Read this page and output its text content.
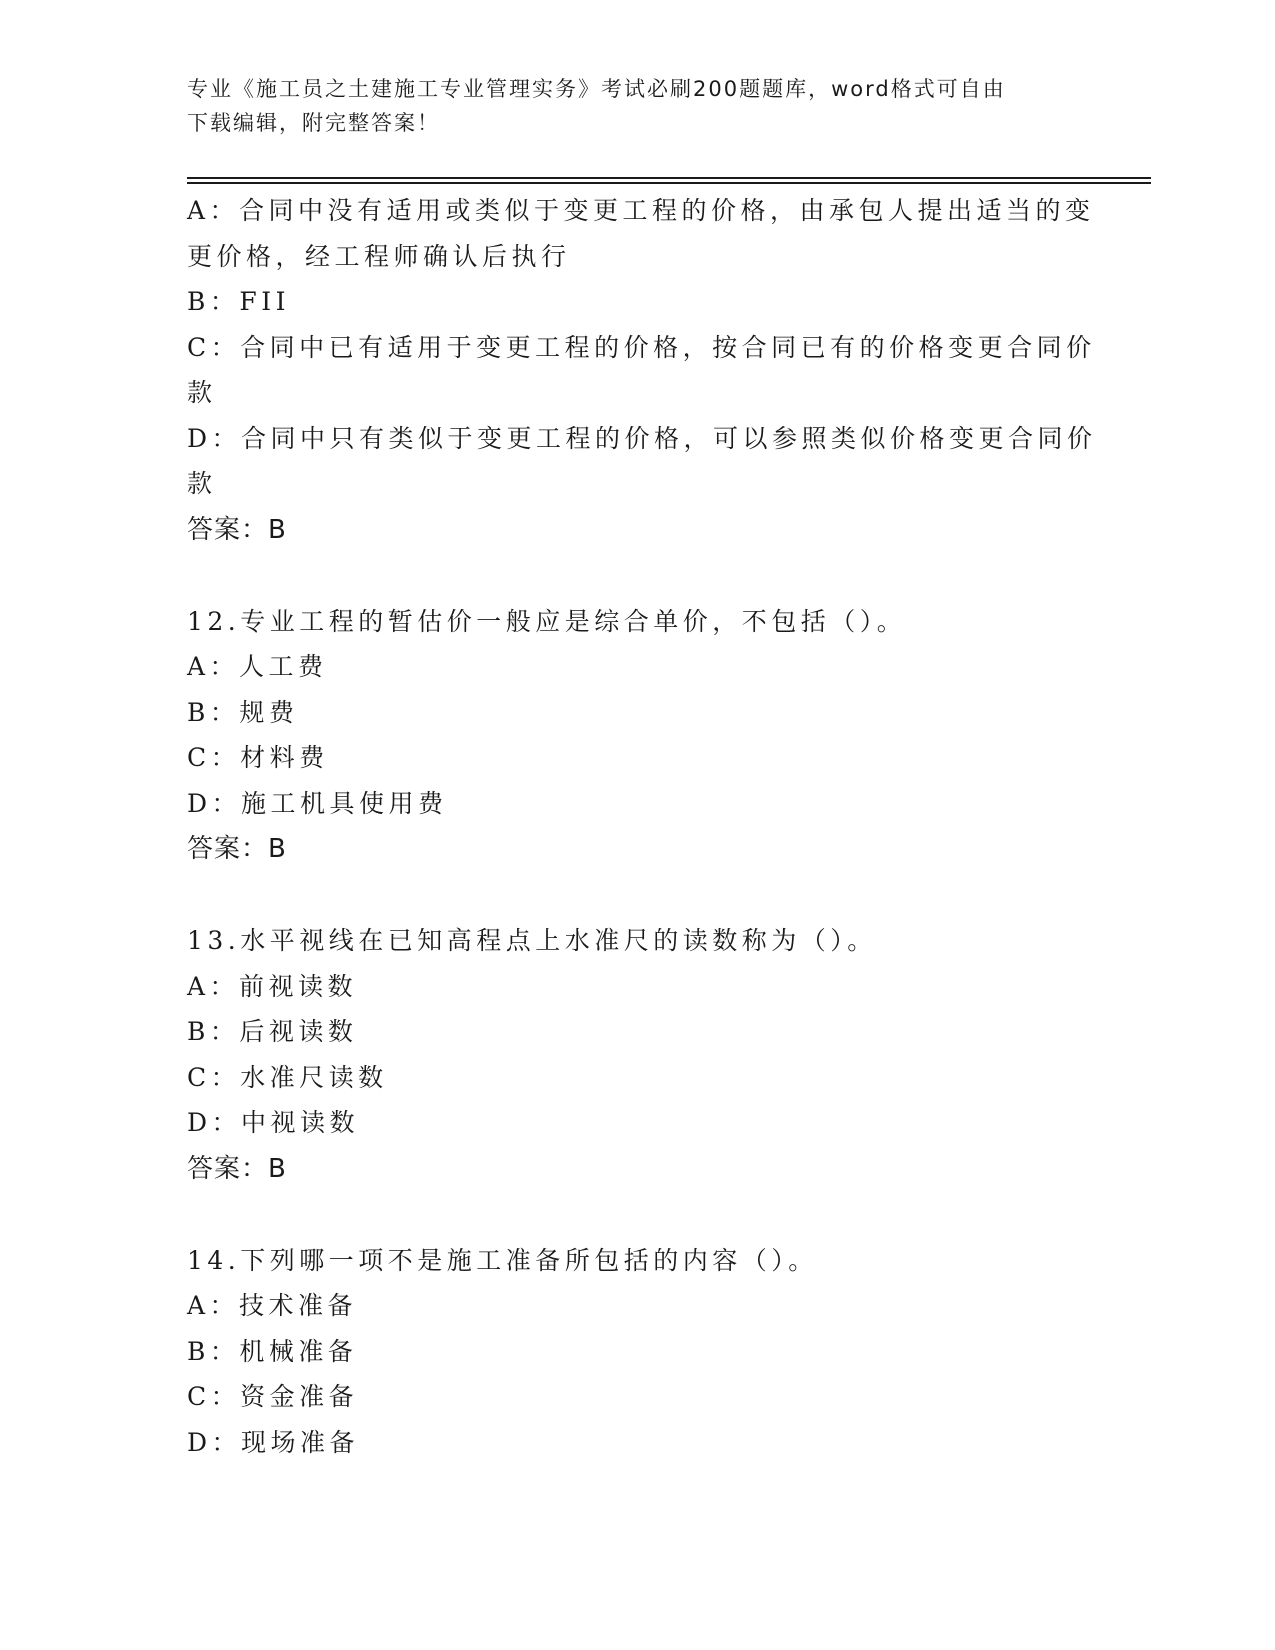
专业《施工员之土建施工专业管理实务》考试必刷200题题库，word格式可自由
下载编辑，附完整答案！
A：合同中没有适用或类似于变更工程的价格，由承包人提出适当的变
更价格，经工程师确认后执行
B：FII
C：合同中已有适用于变更工程的价格，按合同已有的价格变更合同价
款
D：合同中只有类似于变更工程的价格，可以参照类似价格变更合同价
款
答案：B
12.专业工程的暂估价一般应是综合单价，不包括（）。
A：人工费
B：规费
C：材料费
D：施工机具使用费
答案：B
13.水平视线在已知高程点上水准尺的读数称为（）。
A：前视读数
B：后视读数
C：水准尺读数
D：中视读数
答案：B
14.下列哪一项不是施工准备所包括的内容（）。
A：技术准备
B：机械准备
C：资金准备
D：现场准备
